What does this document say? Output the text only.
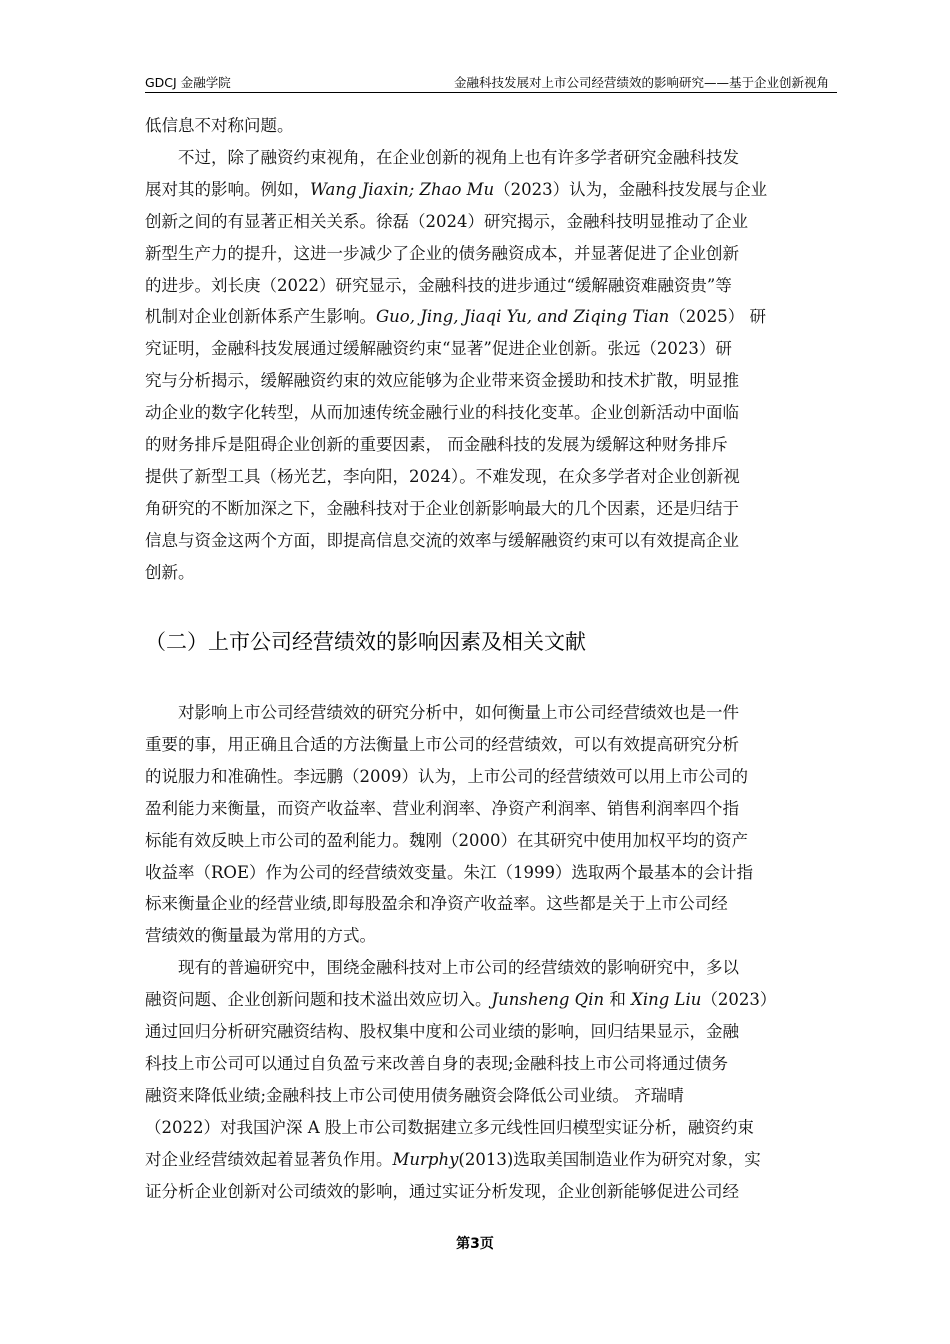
GDCJ 金融学院	金融科技发展对上市公司经营绩效的影响研究——基于企业创新视角

低信息不对称问题。

不过，除了融资约束视角，在企业创新的视角上也有许多学者研究金融科技发
展对其的影响。例如，Wang Jiaxin; Zhao Mu（2023）认为，金融科技发展与企业
创新之间的有显著正相关关系。徐磊（2024）研究揭示，金融科技明显推动了企业
新型生产力的提升，这进一步减少了企业的债务融资成本，并显著促进了企业创新
的进步。刘长庚（2022）研究显示，金融科技的进步通过“缓解融资难融资贵”等
机制对企业创新体系产生影响。Guo, Jing, Jiaqi Yu, and Ziqing Tian（2025） 研
究证明，金融科技发展通过缓解融资约束“显著”促进企业创新。张远（2023）研
究与分析揭示，缓解融资约束的效应能够为企业带来资金援助和技术扩散，明显推
动企业的数字化转型，从而加速传统金融行业的科技化变革。企业创新活动中面临
的财务排斥是阻碍企业创新的重要因素， 而金融科技的发展为缓解这种财务排斥
提供了新型工具（杨光艺，李向阳，2024）。不难发现，在众多学者对企业创新视
角研究的不断加深之下，金融科技对于企业创新影响最大的几个因素，还是归结于
信息与资金这两个方面，即提高信息交流的效率与缓解融资约束可以有效提高企业
创新。

（二）上市公司经营绩效的影响因素及相关文献

对影响上市公司经营绩效的研究分析中，如何衡量上市公司经营绩效也是一件
重要的事，用正确且合适的方法衡量上市公司的经营绩效，可以有效提高研究分析
的说服力和准确性。李远鹏（2009）认为，上市公司的经营绩效可以用上市公司的
盈利能力来衡量，而资产收益率、营业利润率、净资产利润率、销售利润率四个指
标能有效反映上市公司的盈利能力。魏刚（2000）在其研究中使用加权平均的资产
收益率（ROE）作为公司的经营绩效变量。朱江（1999）选取两个最基本的会计指
标来衡量企业的经营业绩,即每股盈余和净资产收益率。这些都是关于上市公司经
营绩效的衡量最为常用的方式。

现有的普遍研究中，围绕金融科技对上市公司的经营绩效的影响研究中，多以
融资问题、企业创新问题和技术溢出效应切入。Junsheng Qin 和 Xing Liu（2023）
通过回归分析研究融资结构、股权集中度和公司业绩的影响，回归结果显示，金融
科技上市公司可以通过自负盈亏来改善自身的表现;金融科技上市公司将通过债务
融资来降低业绩;金融科技上市公司使用债务融资会降低公司业绩。 齐瑞晴
（2022）对我国沪深 A 股上市公司数据建立多元线性回归模型实证分析，融资约束
对企业经营绩效起着显著负作用。Murphy(2013)选取美国制造业作为研究对象，实
证分析企业创新对公司绩效的影响，通过实证分析发现，企业创新能够促进公司经

第3页
